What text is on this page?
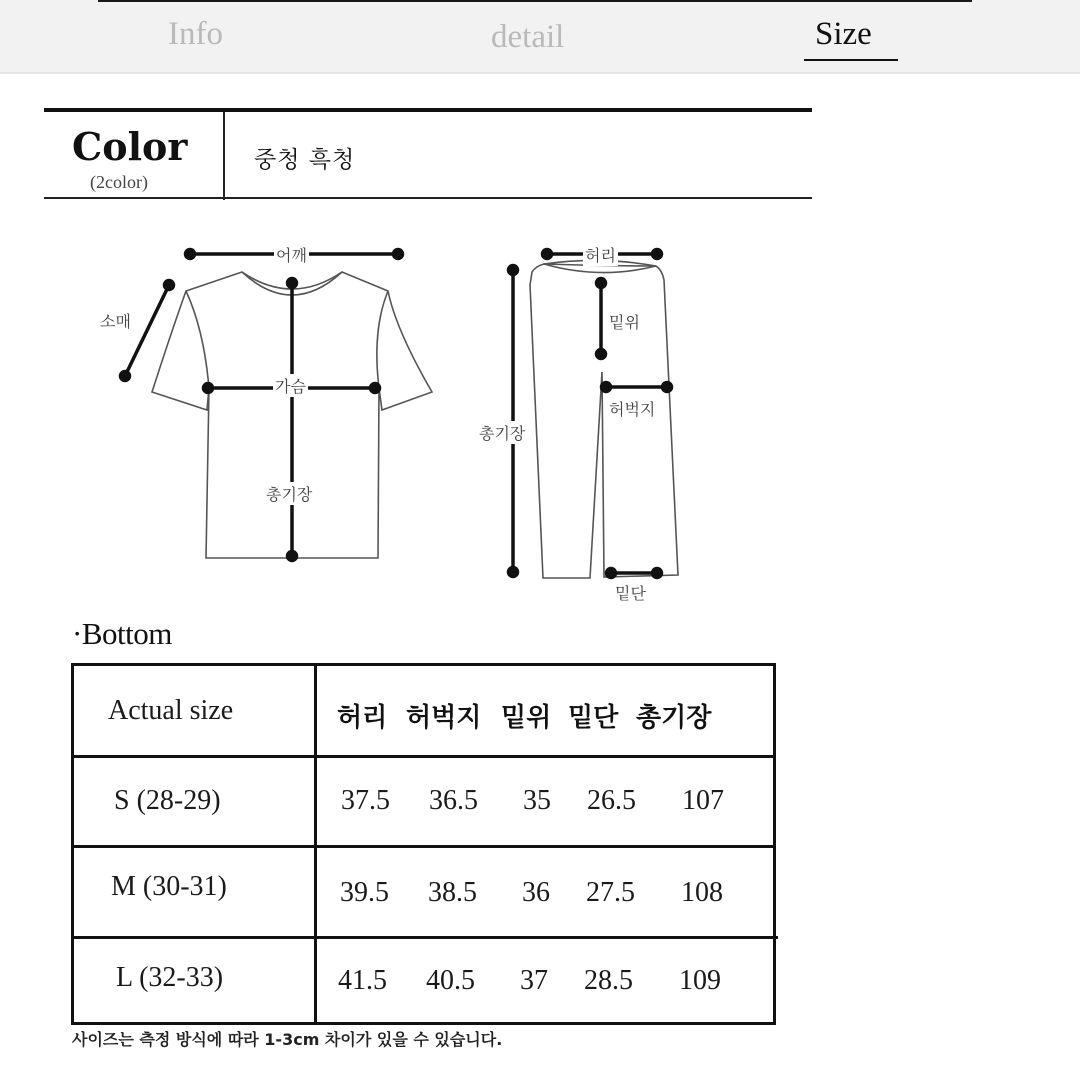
Info	detail	Size
Color
(2color)
중청 흑청
어깨
소매
가슴
총기장
허리
밑위
허벅지
총기장
밑단
·Bottom
Actual size	허리 허벅지 밑위 밑단 총기장
S (28-29)	37.5 36.5 35 26.5 107
M (30-31)	39.5 38.5 36 27.5 108
L (32-33)	41.5 40.5 37 28.5 109
사이즈는 측정 방식에 따라 1-3cm 차이가 있을 수 있습니다.
